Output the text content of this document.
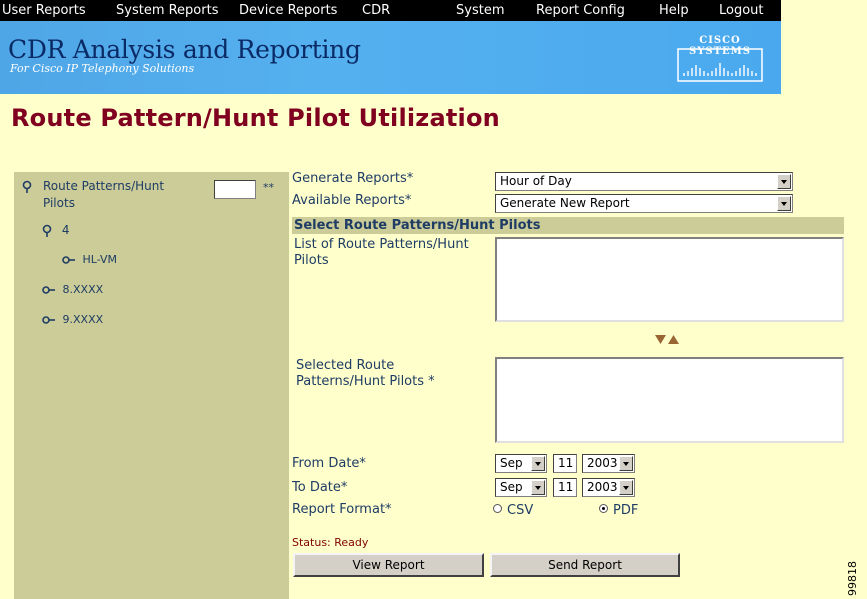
User Reports System Reports Device Reports CDR	System Report Config	Help Logout
CDR Analysis and Reporting
For Cisco IP Telephony Solutions
CISCO SYSTEMS
Route Pattern/Hunt Pilot Utilization
Route Patterns/Hunt
Pilots
**
4
HL-VM
8.XXXX
9.XXXX
Generate Reports*	Hour of Day
Available Reports*	Generate New Report
Select Route Patterns/Hunt Pilots
List of Route Patterns/Hunt
Pilots
Selected Route
Patterns/Hunt Pilots *
From Date*	Sep	11	2003
To Date*	Sep	11	2003
Report Format*	CSV	PDF
Status: Ready
View Report	Send Report	99818
